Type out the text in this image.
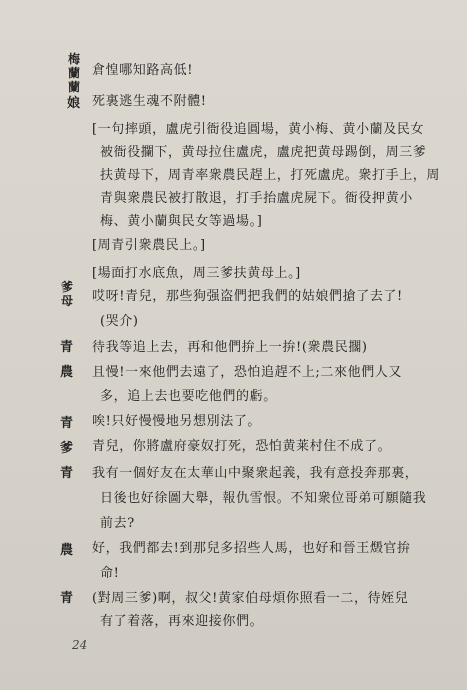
梅蘭蘭
倉惶哪知路高低!
娘 死裏逃生魂不附體!
[一句摔頭，盧虎引衙役追圓場，黄小梅、黄小蘭及民女
被衙役攔下，黄母拉住盧虎，盧虎把黄母踢倒，周三爹
扶黄母下，周青率衆農民趕上，打死盧虎。衆打手上，周
青與衆農民被打散退，打手抬盧虎屍下。衙役押黄小
梅、黄小蘭與民女等過場。]
[周青引衆農民上。]
[場面打水底魚，周三爹扶黄母上。]
爹母 哎呀!青兒，那些狗强盗們把我們的姑娘們搶了去了!
(哭介)
青 待我等追上去，再和他們拚上一拚!(衆農民擱)
農 且慢!一來他們去遠了，恐怕追趕不上;二來他們人又
多，追上去也要吃他們的虧。
青 唉!只好慢慢地另想別法了。
爹 青兒，你將盧府豪奴打死，恐怕黄莱村住不成了。
青 我有一個好友在太華山中聚衆起義，我有意投奔那裏，
日後也好徐圖大舉，報仇雪恨。不知衆位哥弟可願隨我
前去?
農 好，我們都去!到那兒多招些人馬，也好和晉王燬官拚
命!
青 (對周三爹)啊，叔父!黄家伯母煩你照看一二，待姪兒
有了着落，再來迎接你們。
24
